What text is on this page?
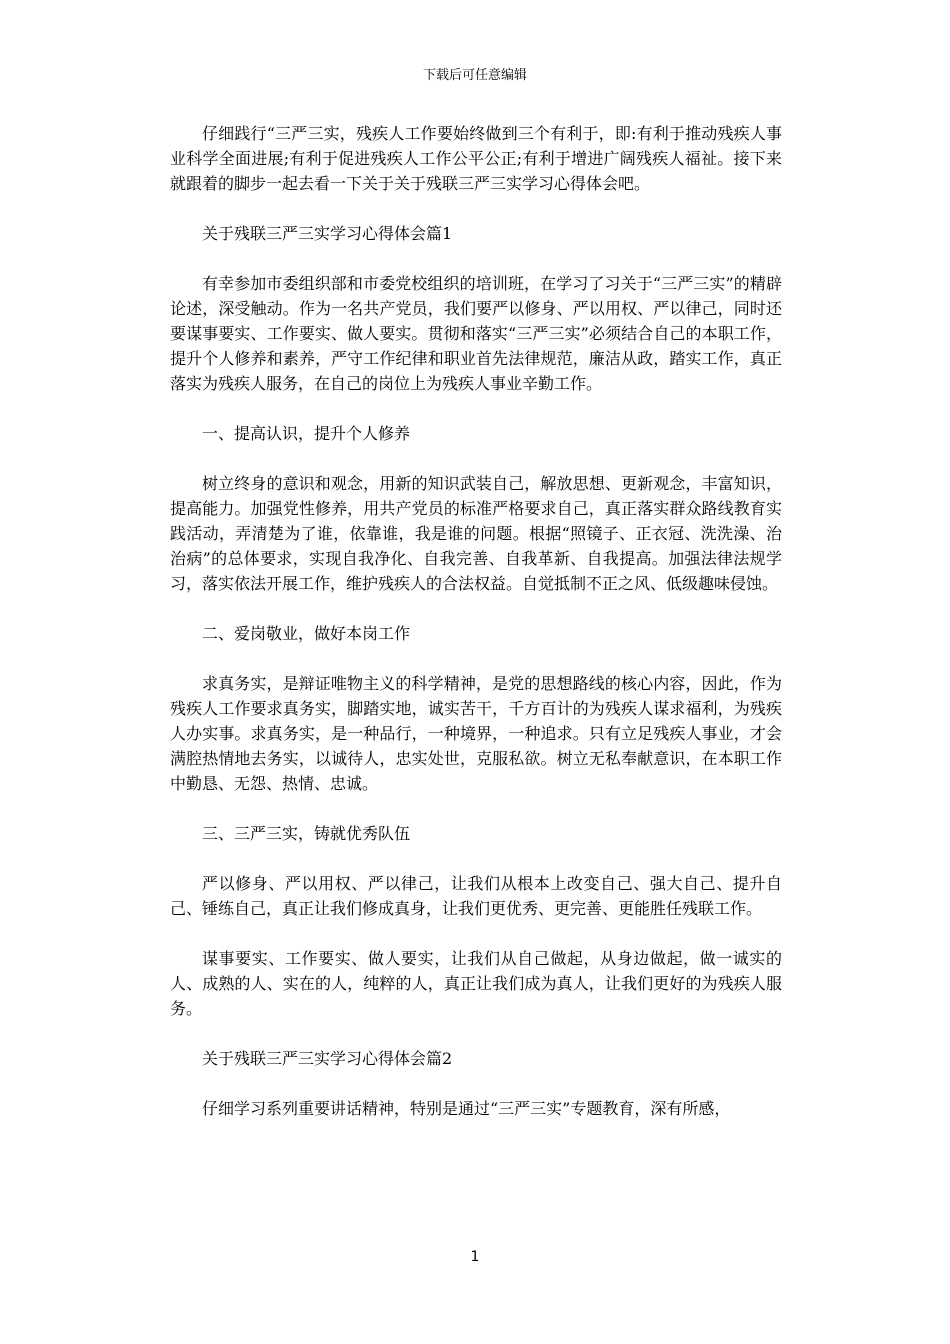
下载后可任意编辑

仔细践行“三严三实，残疾人工作要始终做到三个有利于，即:有利于推动残疾人事业科学全面进展;有利于促进残疾人工作公平公正;有利于增进广阔残疾人福祉。接下来就跟着的脚步一起去看一下关于关于残联三严三实学习心得体会吧。

关于残联三严三实学习心得体会篇1

有幸参加市委组织部和市委党校组织的培训班，在学习了习关于“三严三实”的精辟论述，深受触动。作为一名共产党员，我们要严以修身、严以用权、严以律己，同时还要谋事要实、工作要实、做人要实。贯彻和落实“三严三实”必须结合自己的本职工作，提升个人修养和素养，严守工作纪律和职业首先法律规范，廉洁从政，踏实工作，真正落实为残疾人服务，在自己的岗位上为残疾人事业辛勤工作。

一、提高认识，提升个人修养

树立终身的意识和观念，用新的知识武装自己，解放思想、更新观念，丰富知识，提高能力。加强党性修养，用共产党员的标准严格要求自己，真正落实群众路线教育实践活动，弄清楚为了谁，依靠谁，我是谁的问题。根据“照镜子、正衣冠、洗洗澡、治治病”的总体要求，实现自我净化、自我完善、自我革新、自我提高。加强法律法规学习，落实依法开展工作，维护残疾人的合法权益。自觉抵制不正之风、低级趣味侵蚀。

二、爱岗敬业，做好本岗工作

求真务实，是辩证唯物主义的科学精神，是党的思想路线的核心内容，因此，作为残疾人工作要求真务实，脚踏实地，诚实苦干，千方百计的为残疾人谋求福利，为残疾人办实事。求真务实，是一种品行，一种境界，一种追求。只有立足残疾人事业，才会满腔热情地去务实，以诚待人，忠实处世，克服私欲。树立无私奉献意识，在本职工作中勤恳、无怨、热情、忠诚。

三、三严三实，铸就优秀队伍

严以修身、严以用权、严以律己，让我们从根本上改变自己、强大自己、提升自己、锤练自己，真正让我们修成真身，让我们更优秀、更完善、更能胜任残联工作。

谋事要实、工作要实、做人要实，让我们从自己做起，从身边做起，做一诚实的人、成熟的人、实在的人，纯粹的人，真正让我们成为真人，让我们更好的为残疾人服务。

关于残联三严三实学习心得体会篇2

仔细学习系列重要讲话精神，特别是通过“三严三实”专题教育，深有所感，

1
